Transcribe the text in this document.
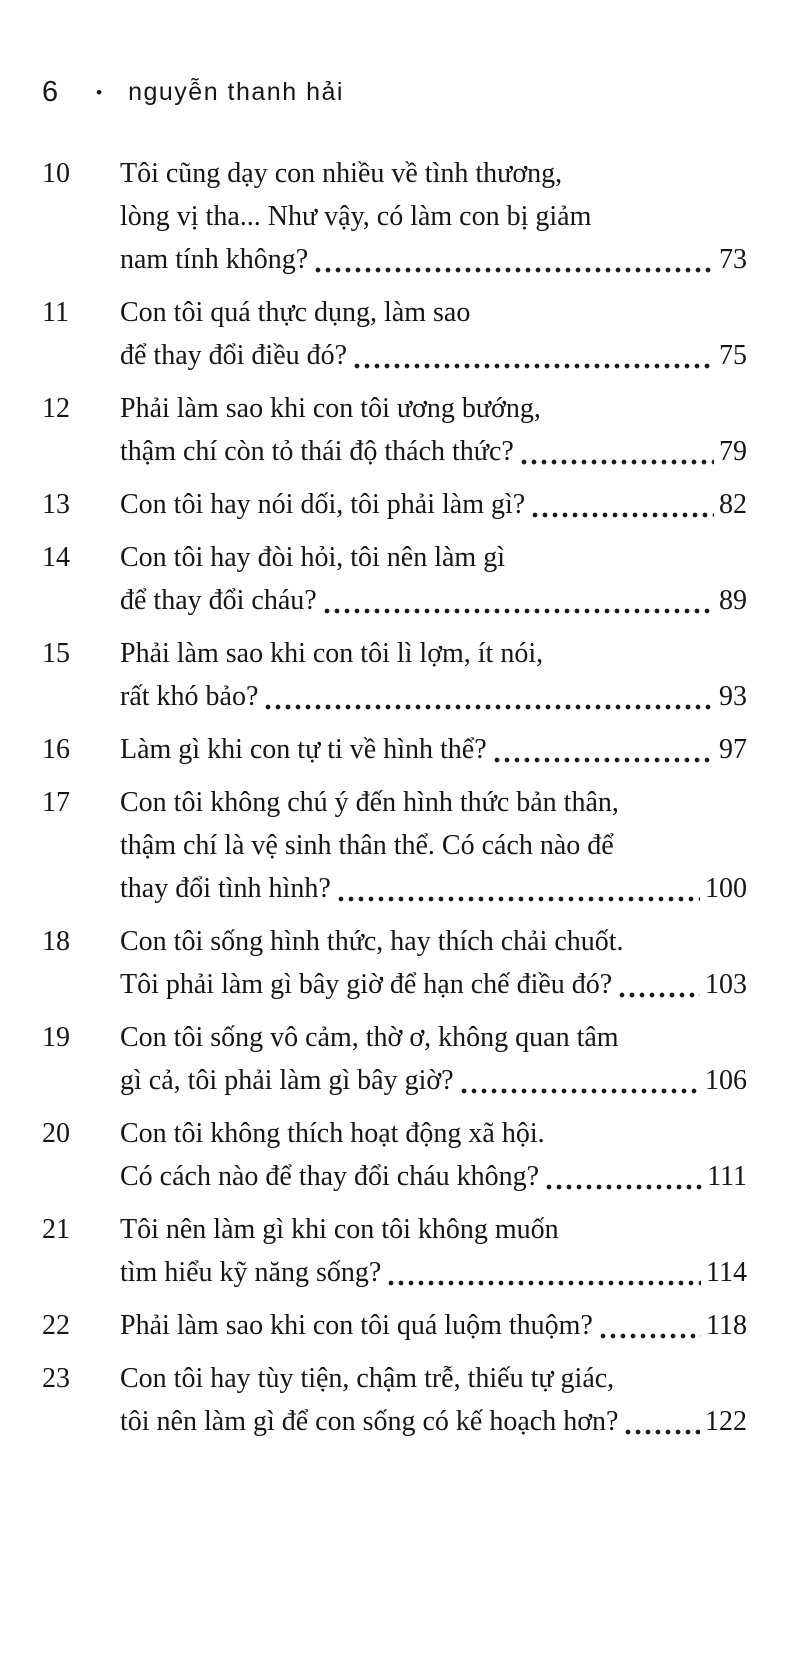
6 • nguyễn thanh hải
10	Tôi cũng dạy con nhiều về tình thương,
lòng vị tha... Như vậy, có làm con bị giảm
nam tính không?	73
11	Con tôi quá thực dụng, làm sao
để thay đổi điều đó?	75
12	Phải làm sao khi con tôi ương bướng,
thậm chí còn tỏ thái độ thách thức?	79
13	Con tôi hay nói dối, tôi phải làm gì?	82
14	Con tôi hay đòi hỏi, tôi nên làm gì
để thay đổi cháu?	89
15	Phải làm sao khi con tôi lì lợm, ít nói,
rất khó bảo?	93
16	Làm gì khi con tự ti về hình thể?	97
17	Con tôi không chú ý đến hình thức bản thân,
thậm chí là vệ sinh thân thể. Có cách nào để
thay đổi tình hình?	100
18	Con tôi sống hình thức, hay thích chải chuốt.
Tôi phải làm gì bây giờ để hạn chế điều đó?	103
19	Con tôi sống vô cảm, thờ ơ, không quan tâm
gì cả, tôi phải làm gì bây giờ?	106
20	Con tôi không thích hoạt động xã hội.
Có cách nào để thay đổi cháu không?	111
21	Tôi nên làm gì khi con tôi không muốn
tìm hiểu kỹ năng sống?	114
22	Phải làm sao khi con tôi quá luộm thuộm?	118
23	Con tôi hay tùy tiện, chậm trễ, thiếu tự giác,
tôi nên làm gì để con sống có kế hoạch hơn?	122
